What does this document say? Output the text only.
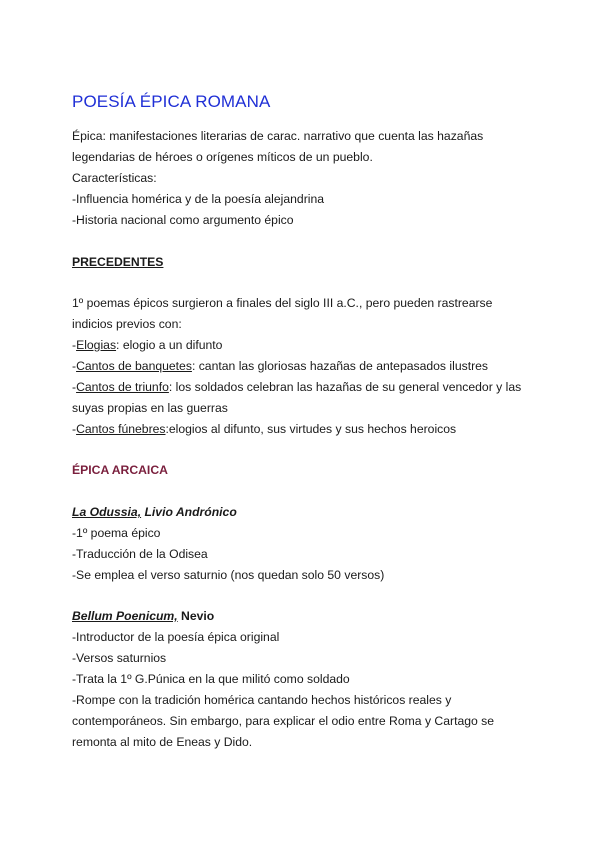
POESÍA ÉPICA ROMANA
Épica: manifestaciones literarias de carac. narrativo que cuenta las hazañas
legendarias de héroes o orígenes míticos de un pueblo.
Características:
-Influencia homérica y de la poesía alejandrina
-Historia nacional como argumento épico
PRECEDENTES
1º poemas épicos surgieron a finales del siglo III a.C., pero pueden rastrearse
indicios previos con:
-Elogias: elogio a un difunto
-Cantos de banquetes: cantan las gloriosas hazañas de antepasados ilustres
-Cantos de triunfo: los soldados celebran las hazañas de su general vencedor y las
suyas propias en las guerras
-Cantos fúnebres:elogios al difunto, sus virtudes y sus hechos heroicos
ÉPICA ARCAICA
La Odussia, Livio Andrónico
-1º poema épico
-Traducción de la Odisea
-Se emplea el verso saturnio (nos quedan solo 50 versos)
Bellum Poenicum, Nevio
-Introductor de la poesía épica original
-Versos saturnios
-Trata la 1º G.Púnica en la que militó como soldado
-Rompe con la tradición homérica cantando hechos históricos reales y
contemporáneos. Sin embargo, para explicar el odio entre Roma y Cartago se
remonta al mito de Eneas y Dido.
